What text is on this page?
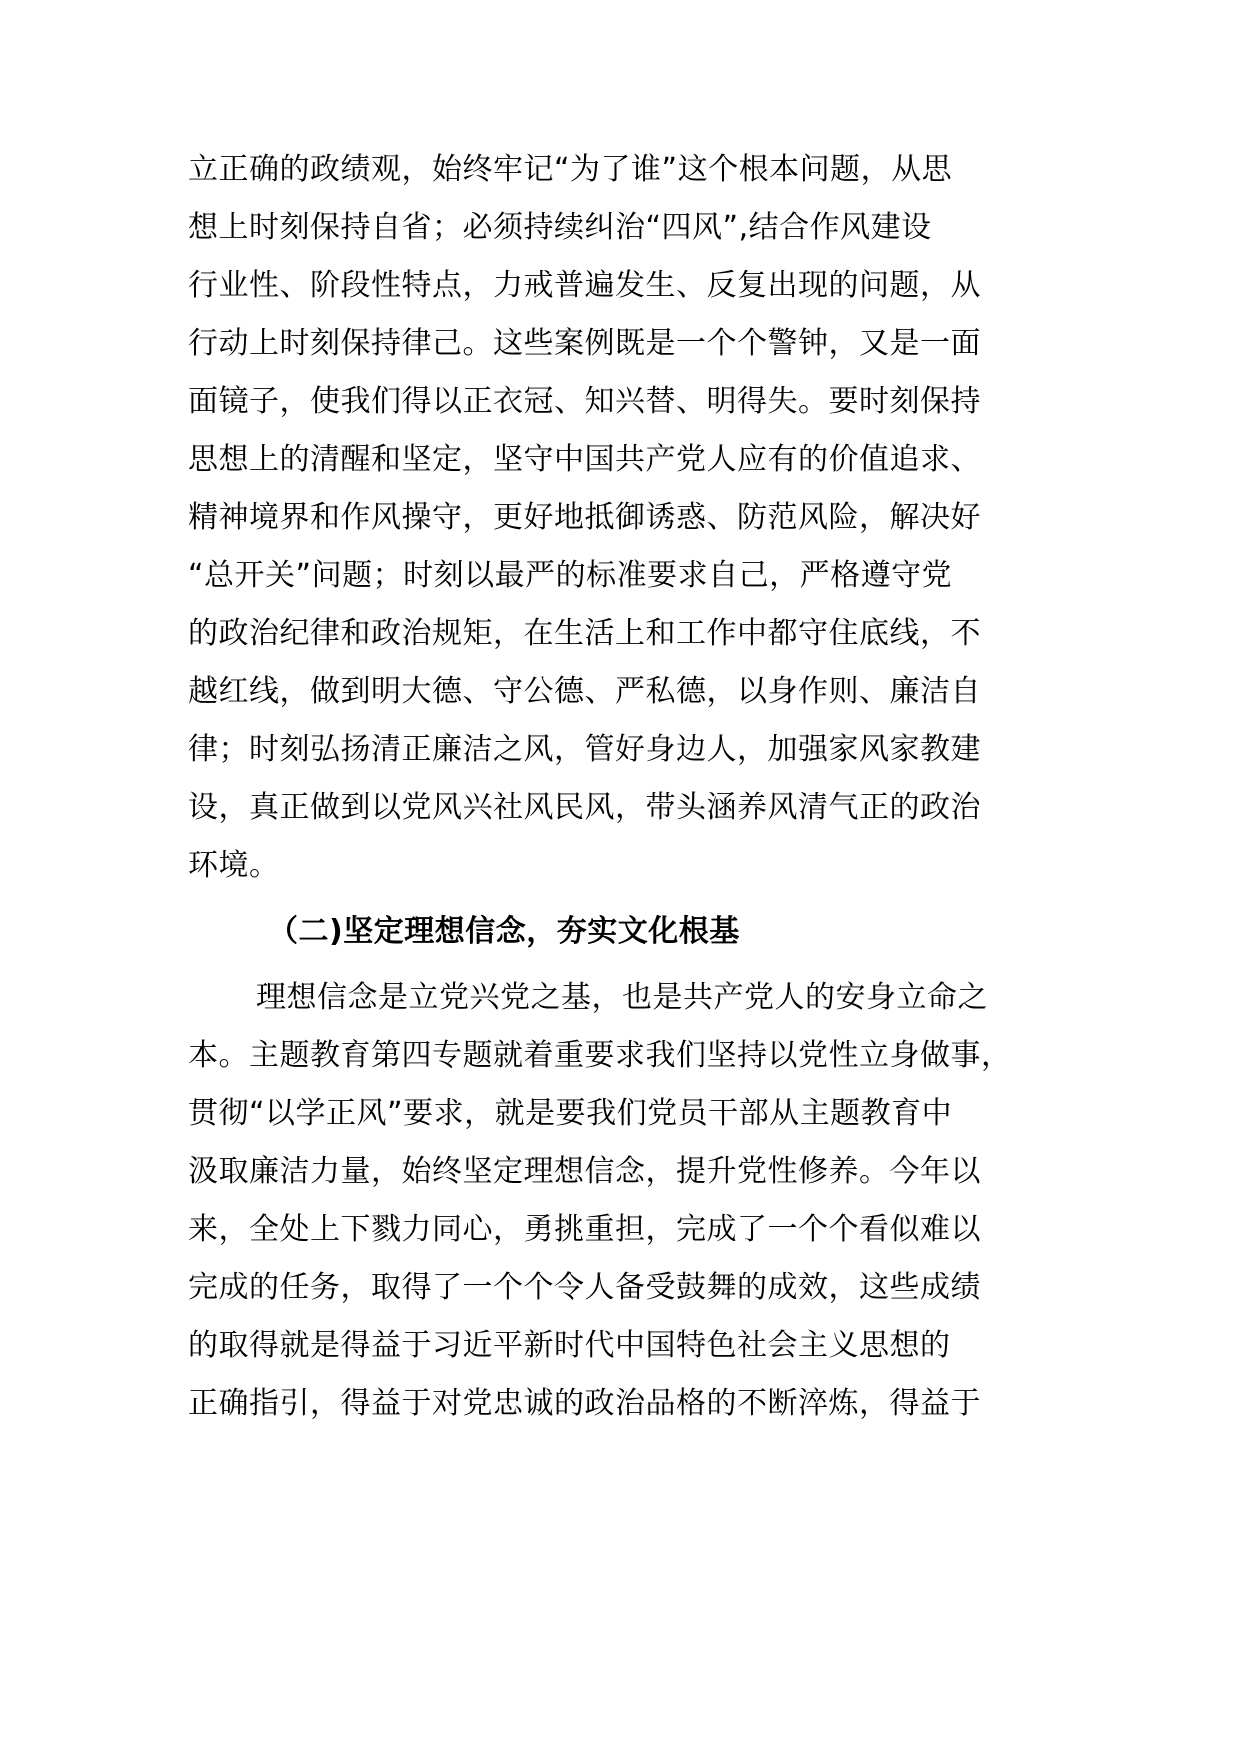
立正确的政绩观，始终牢记“为了谁”这个根本问题，从思
想上时刻保持自省；必须持续纠治“四风”,结合作风建设
行业性、阶段性特点，力戒普遍发生、反复出现的问题，从
行动上时刻保持律己。这些案例既是一个个警钟，又是一面
面镜子，使我们得以正衣冠、知兴替、明得失。要时刻保持
思想上的清醒和坚定，坚守中国共产党人应有的价值追求、
精神境界和作风操守，更好地抵御诱惑、防范风险，解决好
“总开关”问题；时刻以最严的标准要求自己，严格遵守党
的政治纪律和政治规矩，在生活上和工作中都守住底线，不
越红线，做到明大德、守公德、严私德，以身作则、廉洁自
律；时刻弘扬清正廉洁之风，管好身边人，加强家风家教建
设，真正做到以党风兴社风民风，带头涵养风清气正的政治
环境。
（二)坚定理想信念，夯实文化根基
理想信念是立党兴党之基，也是共产党人的安身立命之
本。主题教育第四专题就着重要求我们坚持以党性立身做事，
贯彻“以学正风”要求，就是要我们党员干部从主题教育中
汲取廉洁力量，始终坚定理想信念，提升党性修养。今年以
来，全处上下戮力同心，勇挑重担，完成了一个个看似难以
完成的任务，取得了一个个令人备受鼓舞的成效，这些成绩
的取得就是得益于习近平新时代中国特色社会主义思想的
正确指引，得益于对党忠诚的政治品格的不断淬炼，得益于
